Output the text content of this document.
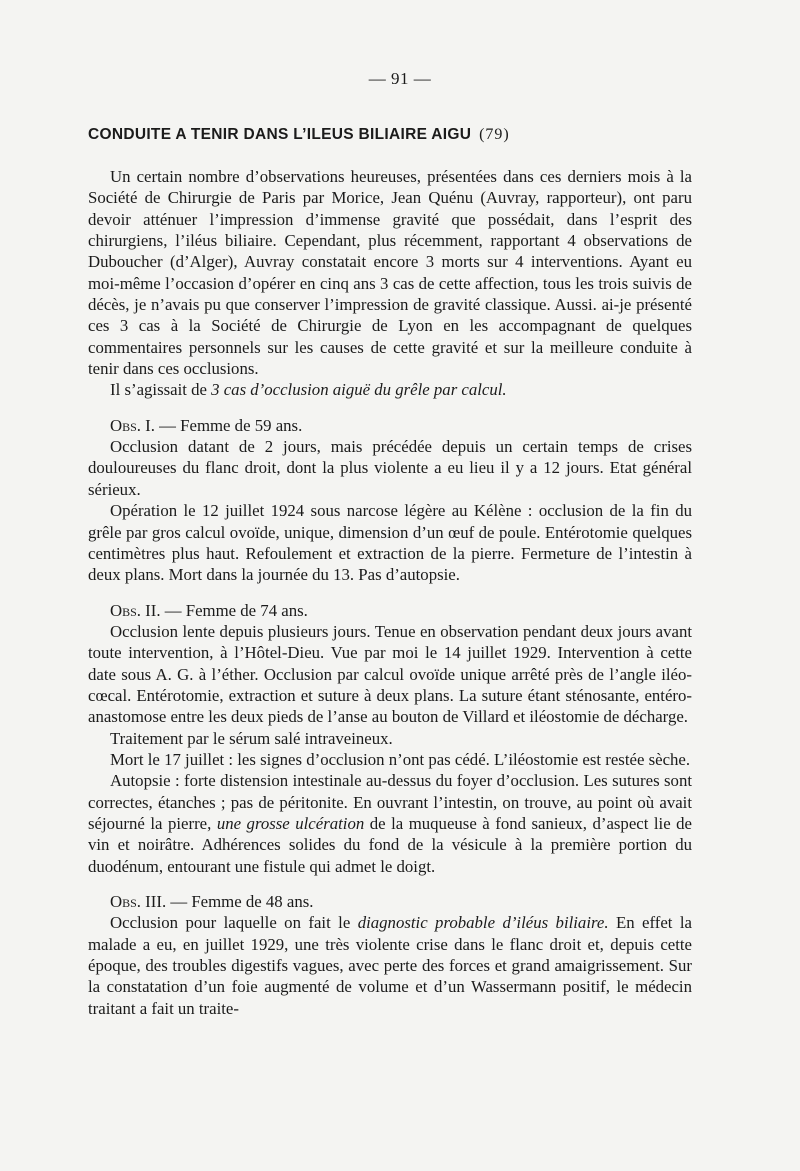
— 91 —
CONDUITE A TENIR DANS L’ILEUS BILIAIRE AIGU (79)

Un certain nombre d’observations heureuses, présentées dans ces derniers mois à la Société de Chirurgie de Paris par Morice, Jean Quénu (Auvray, rapporteur), ont paru devoir atténuer l’impression d’immense gravité que possédait, dans l’esprit des chirurgiens, l’iléus biliaire. Cependant, plus récemment, rapportant 4 observations de Duboucher (d’Alger), Auvray constatait encore 3 morts sur 4 interventions. Ayant eu moi-même l’occasion d’opérer en cinq ans 3 cas de cette affection, tous les trois suivis de décès, je n’avais pu que conserver l’impression de gravité classique. Aussi. ai-je présenté ces 3 cas à la Société de Chirurgie de Lyon en les accompagnant de quelques commentaires personnels sur les causes de cette gravité et sur la meilleure conduite à tenir dans ces occlusions.

Il s’agissait de 3 cas d’occlusion aiguë du grêle par calcul.

Obs. I. — Femme de 59 ans.

Occlusion datant de 2 jours, mais précédée depuis un certain temps de crises douloureuses du flanc droit, dont la plus violente a eu lieu il y a 12 jours. Etat général sérieux.

Opération le 12 juillet 1924 sous narcose légère au Kélène : occlusion de la fin du grêle par gros calcul ovoïde, unique, dimension d’un œuf de poule. Entérotomie quelques centimètres plus haut. Refoulement et extraction de la pierre. Fermeture de l’intestin à deux plans. Mort dans la journée du 13. Pas d’autopsie.

Obs. II. — Femme de 74 ans.

Occlusion lente depuis plusieurs jours. Tenue en observation pendant deux jours avant toute intervention, à l’Hôtel-Dieu. Vue par moi le 14 juillet 1929. Intervention à cette date sous A. G. à l’éther. Occlusion par calcul ovoïde unique arrêté près de l’angle iléo-cœcal. Entérotomie, extraction et suture à deux plans. La suture étant sténosante, entéro-anastomose entre les deux pieds de l’anse au bouton de Villard et iléostomie de décharge.

Traitement par le sérum salé intraveineux.

Mort le 17 juillet : les signes d’occlusion n’ont pas cédé. L’iléostomie est restée sèche.

Autopsie : forte distension intestinale au-dessus du foyer d’occlusion. Les sutures sont correctes, étanches ; pas de péritonite. En ouvrant l’intestin, on trouve, au point où avait séjourné la pierre, une grosse ulcération de la muqueuse à fond sanieux, d’aspect lie de vin et noirâtre. Adhérences solides du fond de la vésicule à la première portion du duodénum, entourant une fistule qui admet le doigt.

Obs. III. — Femme de 48 ans.

Occlusion pour laquelle on fait le diagnostic probable d’iléus biliaire. En effet la malade a eu, en juillet 1929, une très violente crise dans le flanc droit et, depuis cette époque, des troubles digestifs vagues, avec perte des forces et grand amaigrissement. Sur la constatation d’un foie augmenté de volume et d’un Wassermann positif, le médecin traitant a fait un traite-
